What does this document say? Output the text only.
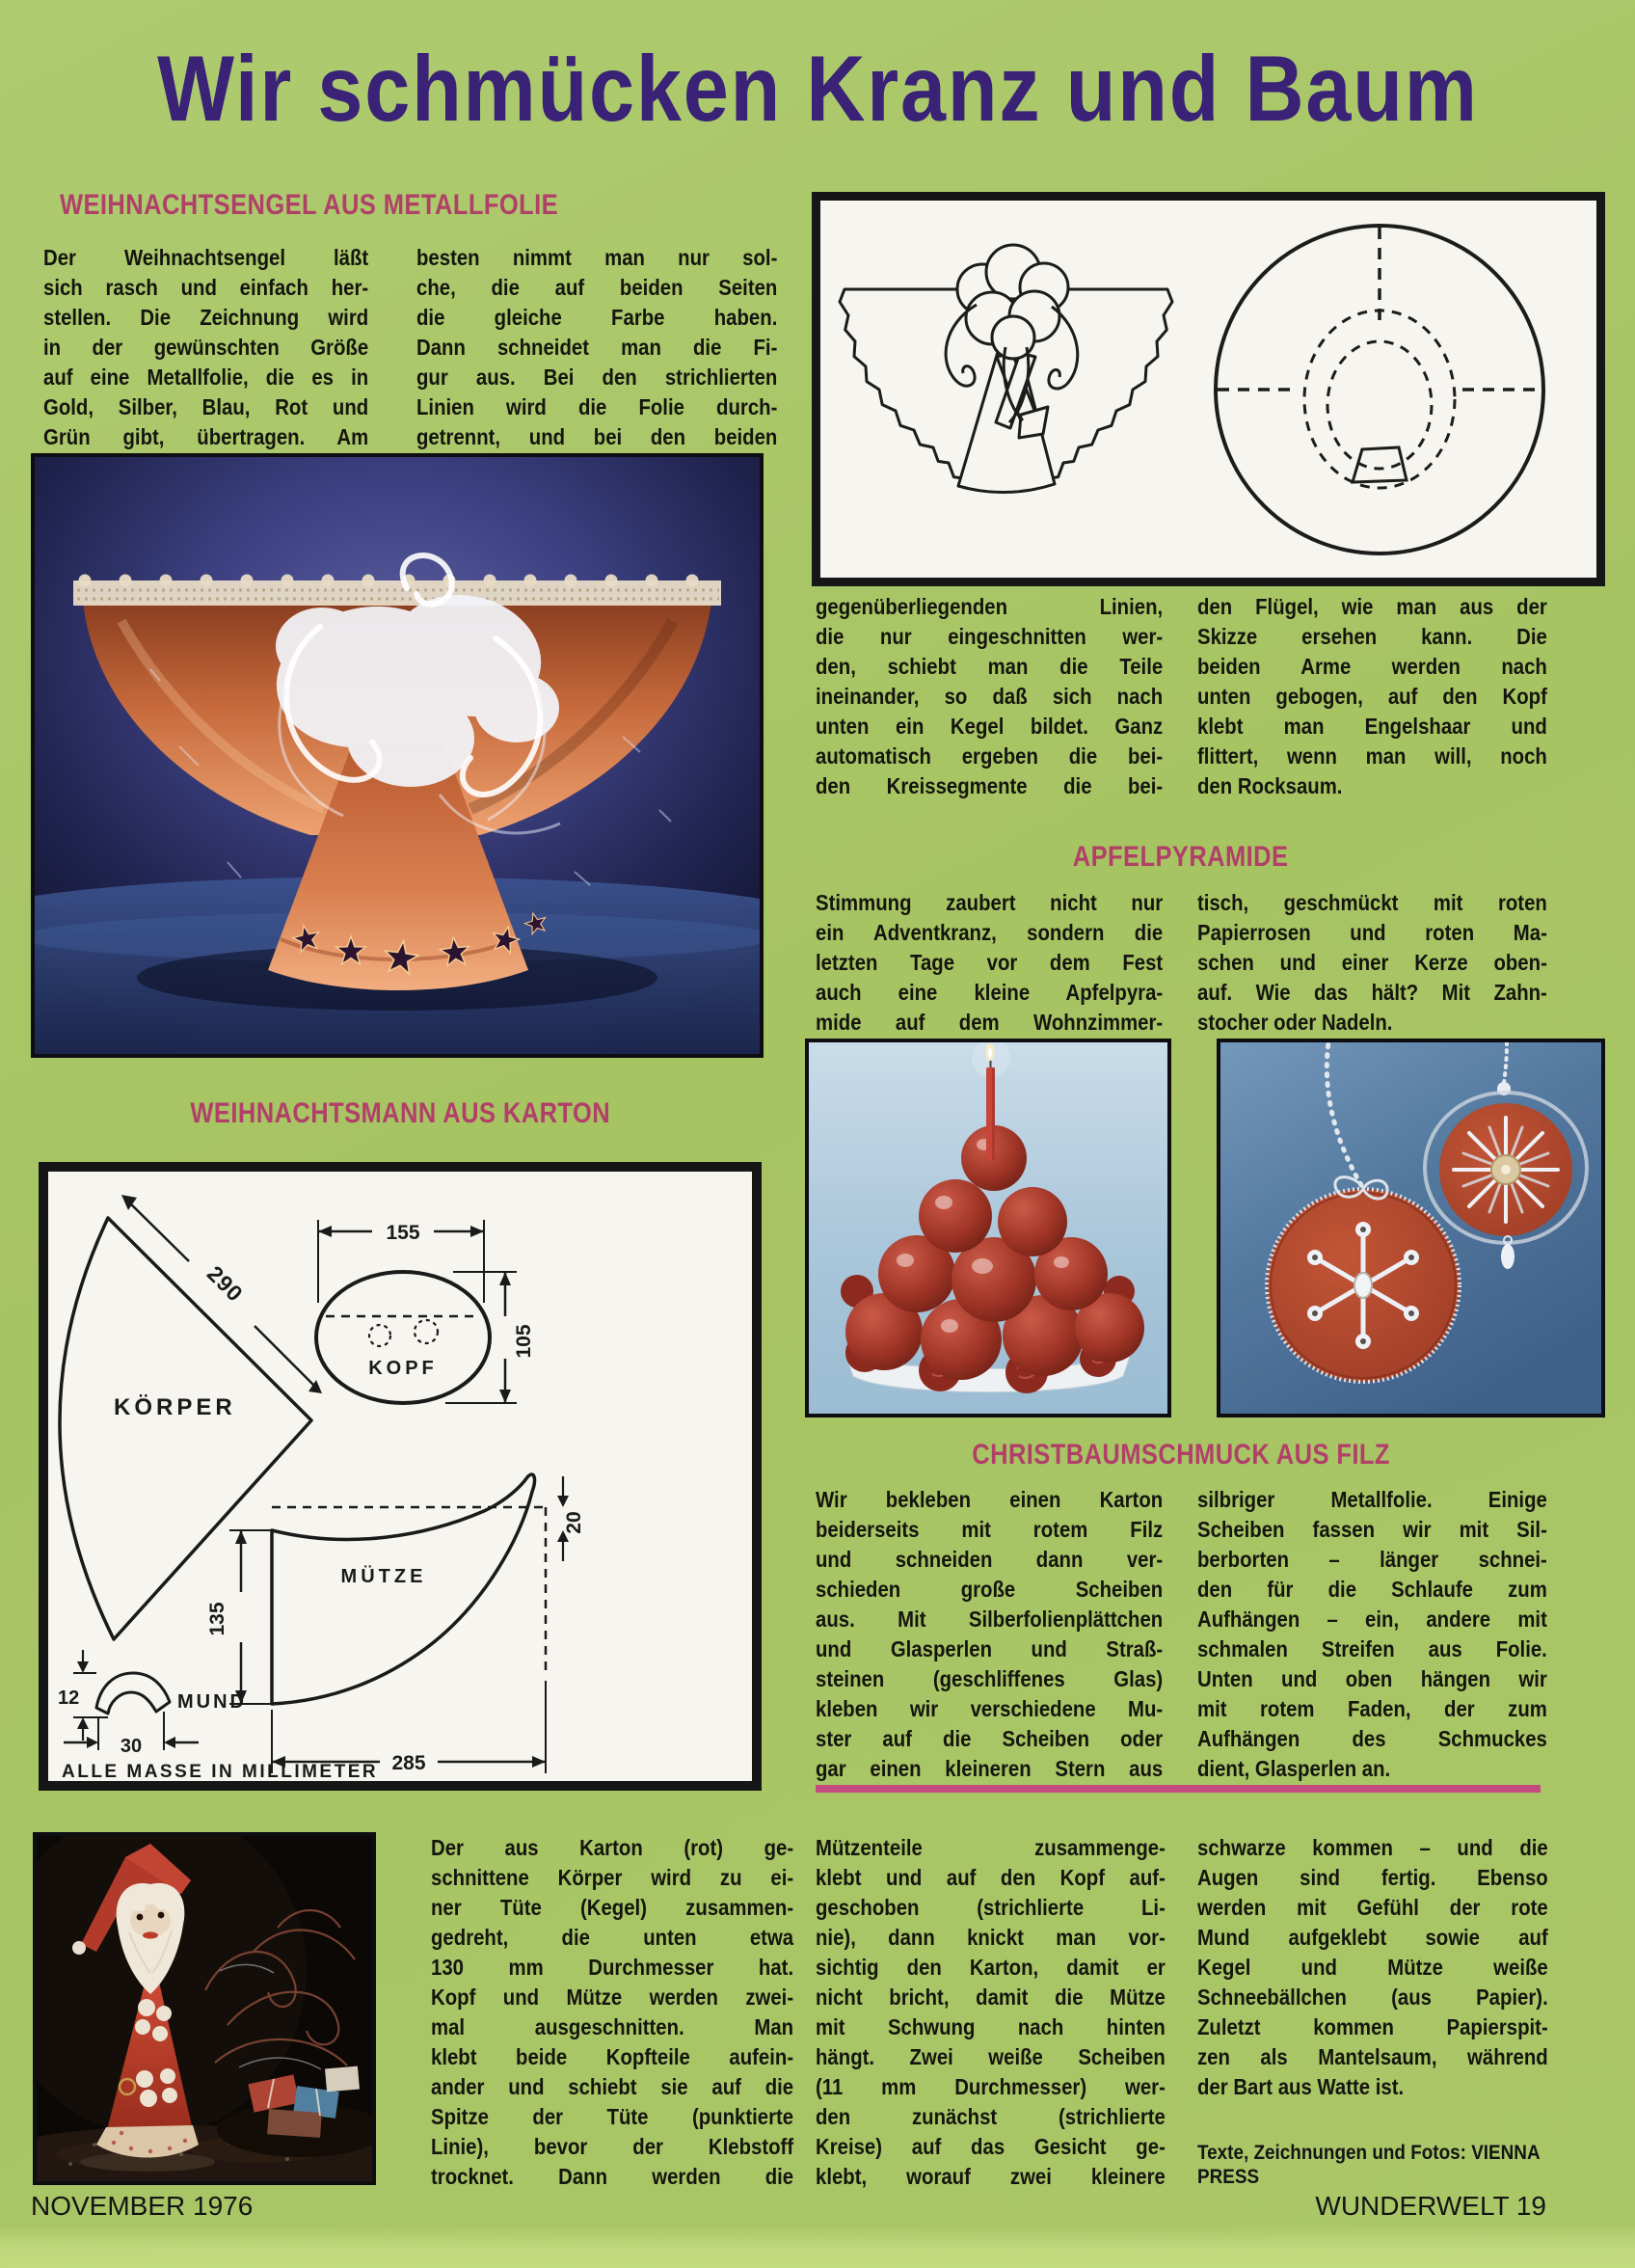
Wir schmücken Kranz und Baum
WEIHNACHTSENGEL AUS METALLFOLIE
Der Weihnachtsengel läßt
sich rasch und einfach her-
stellen. Die Zeichnung wird
in der gewünschten Größe
auf eine Metallfolie, die es in
Gold, Silber, Blau, Rot und
Grün gibt, übertragen. Am
besten nimmt man nur sol-
che, die auf beiden Seiten
die gleiche Farbe haben.
Dann schneidet man die Fi-
gur aus. Bei den strichlierten
Linien wird die Folie durch-
getrennt, und bei den beiden
gegenüberliegenden Linien,
die nur eingeschnitten wer-
den, schiebt man die Teile
ineinander, so daß sich nach
unten ein Kegel bildet. Ganz
automatisch ergeben die bei-
den Kreissegmente die bei-
den Flügel, wie man aus der
Skizze ersehen kann. Die
beiden Arme werden nach
unten gebogen, auf den Kopf
klebt man Engelshaar und
flittert, wenn man will, noch
den Rocksaum.
APFELPYRAMIDE
Stimmung zaubert nicht nur
ein Adventkranz, sondern die
letzten Tage vor dem Fest
auch eine kleine Apfelpyra-
mide auf dem Wohnzimmer-
tisch, geschmückt mit roten
Papierrosen und roten Ma-
schen und einer Kerze oben-
auf. Wie das hält? Mit Zahn-
stocher oder Nadeln.
WEIHNACHTSMANN AUS KARTON
KÖRPER
KOPF
MÜTZE
MUND
290
155
105
135
285
20
12
30
ALLE MASSE IN MILLIMETER
CHRISTBAUMSCHMUCK AUS FILZ
Wir bekleben einen Karton
beiderseits mit rotem Filz
und schneiden dann ver-
schieden große Scheiben
aus. Mit Silberfolienplättchen
und Glasperlen und Straß-
steinen (geschliffenes Glas)
kleben wir verschiedene Mu-
ster auf die Scheiben oder
gar einen kleineren Stern aus
silbriger Metallfolie. Einige
Scheiben fassen wir mit Sil-
berborten – länger schnei-
den für die Schlaufe zum
Aufhängen – ein, andere mit
schmalen Streifen aus Folie.
Unten und oben hängen wir
mit rotem Faden, der zum
Aufhängen des Schmuckes
dient, Glasperlen an.
Der aus Karton (rot) ge-
schnittene Körper wird zu ei-
ner Tüte (Kegel) zusammen-
gedreht, die unten etwa
130 mm Durchmesser hat.
Kopf und Mütze werden zwei-
mal ausgeschnitten. Man
klebt beide Kopfteile aufein-
ander und schiebt sie auf die
Spitze der Tüte (punktierte
Linie), bevor der Klebstoff
trocknet. Dann werden die
Mützenteile zusammenge-
klebt und auf den Kopf auf-
geschoben (strichlierte Li-
nie), dann knickt man vor-
sichtig den Karton, damit er
nicht bricht, damit die Mütze
mit Schwung nach hinten
hängt. Zwei weiße Scheiben
(11 mm Durchmesser) wer-
den zunächst (strichlierte
Kreise) auf das Gesicht ge-
klebt, worauf zwei kleinere
schwarze kommen – und die
Augen sind fertig. Ebenso
werden mit Gefühl der rote
Mund aufgeklebt sowie auf
Kegel und Mütze weiße
Schneebällchen (aus Papier).
Zuletzt kommen Papierspit-
zen als Mantelsaum, während
der Bart aus Watte ist.
Texte, Zeichnungen und Fotos: VIENNA
PRESS
NOVEMBER 1976	WUNDERWELT 19
